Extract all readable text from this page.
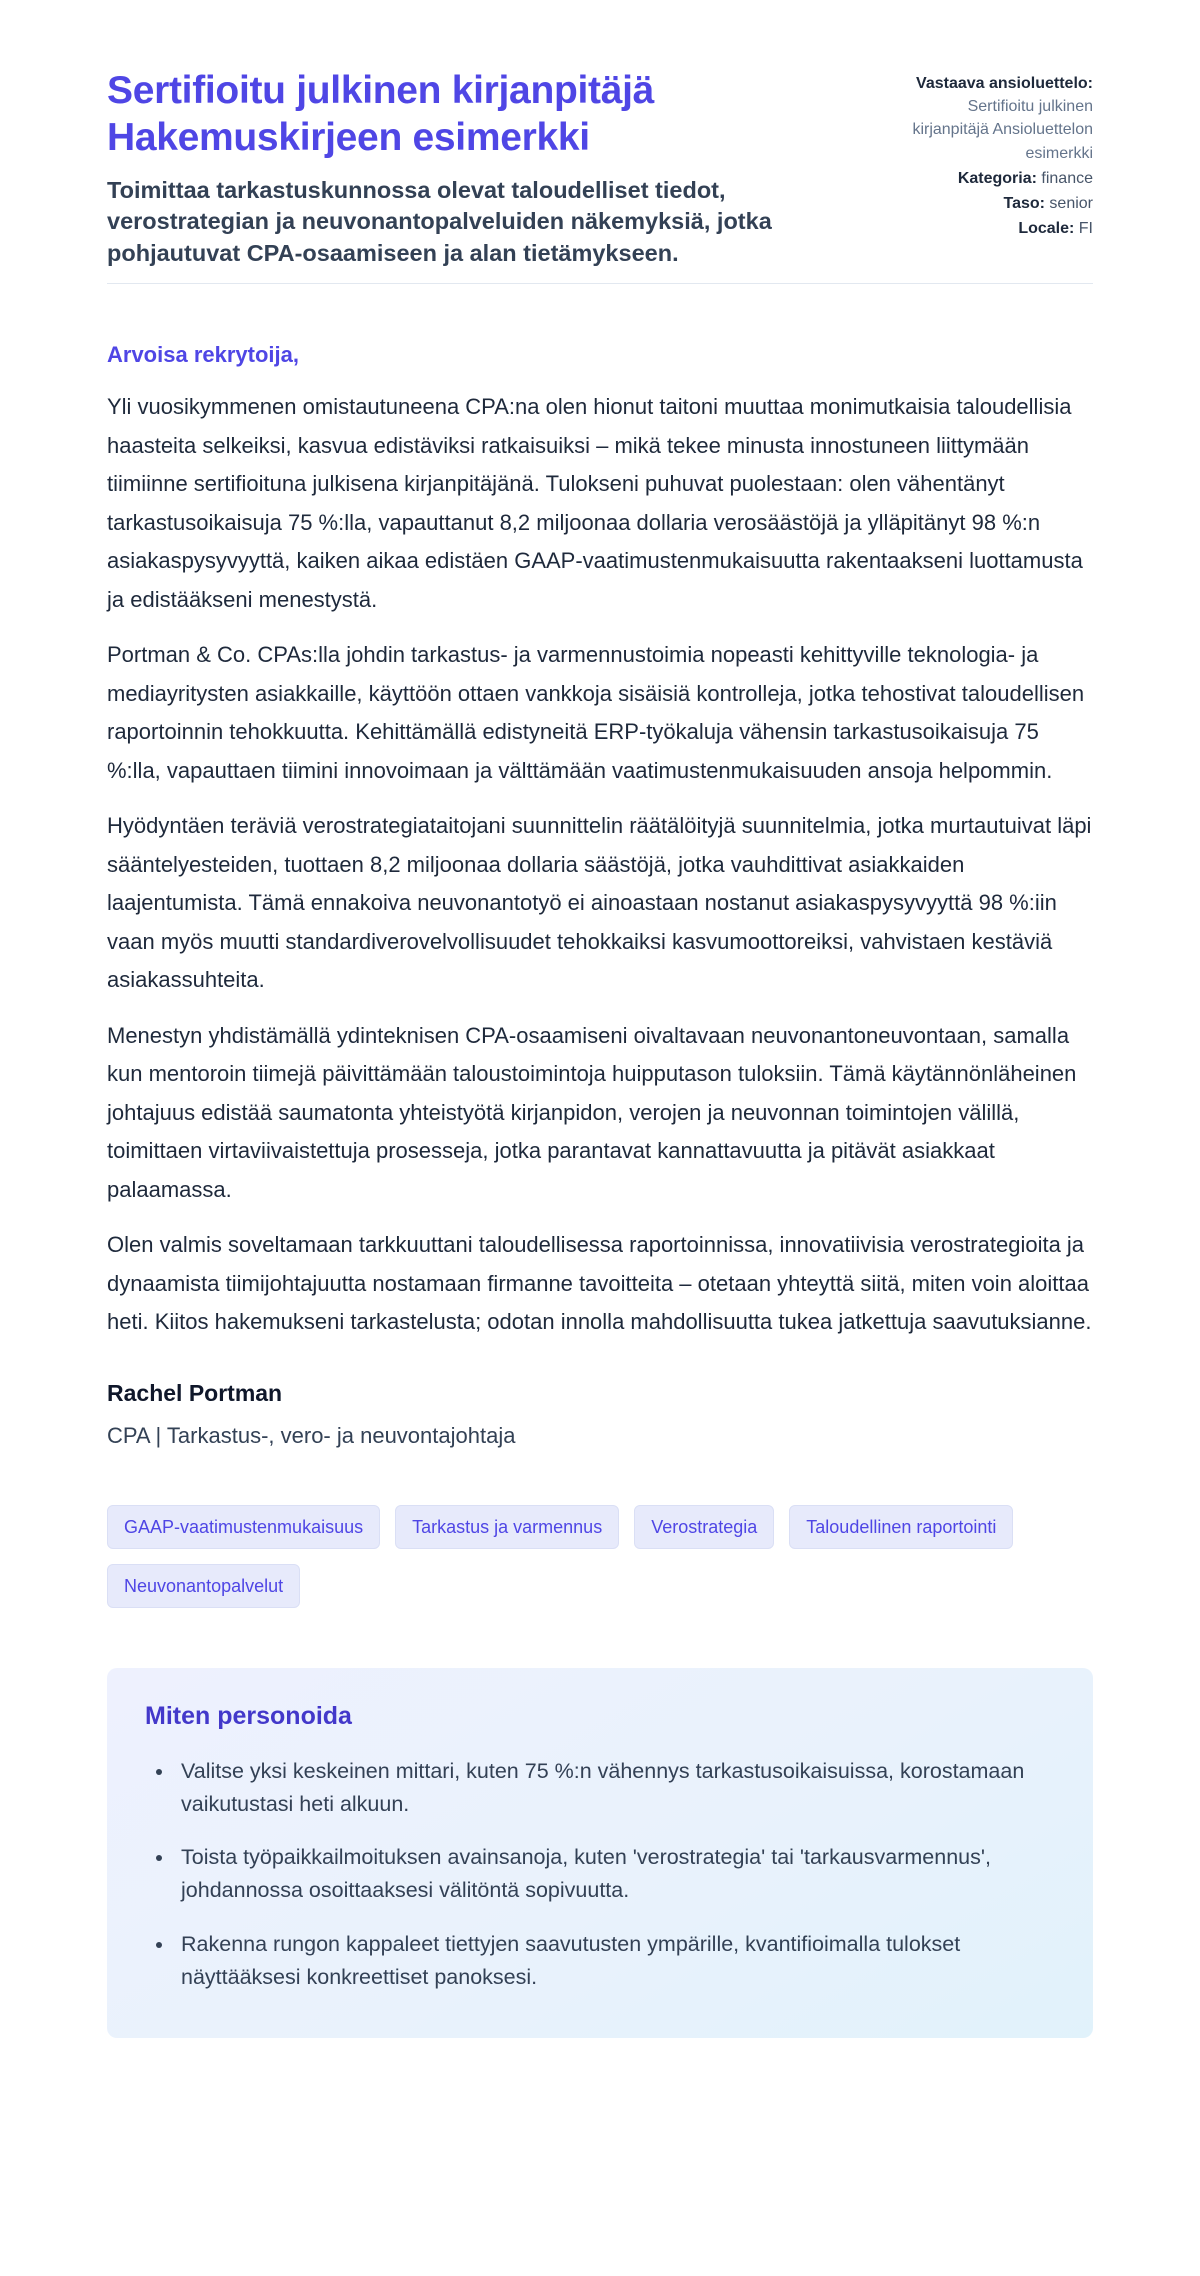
Sertifioitu julkinen kirjanpitäjä Hakemuskirjeen esimerkki
Toimittaa tarkastuskunnossa olevat taloudelliset tiedot, verostrategian ja neuvonantopalveluiden näkemyksiä, jotka pohjautuvat CPA-osaamiseen ja alan tietämykseen.
Vastaava ansioluettelo:
Sertifioitu julkinen kirjanpitäjä Ansioluettelon esimerkki
Kategoria: finance
Taso: senior
Locale: FI
Arvoisa rekrytoija,

Yli vuosikymmenen omistautuneena CPA:na olen hionut taitoni muuttaa monimutkaisia taloudellisia haasteita selkeiksi, kasvua edistäviksi ratkaisuiksi – mikä tekee minusta innostuneen liittymään tiimiinne sertifioituna julkisena kirjanpitäjänä. Tulokseni puhuvat puolestaan: olen vähentänyt tarkastusoikaisuja 75 %:lla, vapauttanut 8,2 miljoonaa dollaria verosäästöjä ja ylläpitänyt 98 %:n asiakaspysyvyyttä, kaiken aikaa edistäen GAAP-vaatimustenmukaisuutta rakentaakseni luottamusta ja edistääkseni menestystä.

Portman & Co. CPAs:lla johdin tarkastus- ja varmennustoimia nopeasti kehittyville teknologia- ja mediayritysten asiakkaille, käyttöön ottaen vankkoja sisäisiä kontrolleja, jotka tehostivat taloudellisen raportoinnin tehokkuutta. Kehittämällä edistyneitä ERP-työkaluja vähensin tarkastusoikaisuja 75 %:lla, vapauttaen tiimini innovoimaan ja välttämään vaatimustenmukaisuuden ansoja helpommin.

Hyödyntäen teräviä verostrategiataitojani suunnittelin räätälöityjä suunnitelmia, jotka murtautuivat läpi sääntelyesteiden, tuottaen 8,2 miljoonaa dollaria säästöjä, jotka vauhdittivat asiakkaiden laajentumista. Tämä ennakoiva neuvonantotyö ei ainoastaan nostanut asiakaspysyvyyttä 98 %:iin vaan myös muutti standardiverovelvollisuudet tehokkaiksi kasvumoottoreiksi, vahvistaen kestäviä asiakassuhteita.

Menestyn yhdistämällä ydinteknisen CPA-osaamiseni oivaltavaan neuvonantoneuvontaan, samalla kun mentoroin tiimejä päivittämään taloustoimintoja huipputason tuloksiin. Tämä käytännönläheinen johtajuus edistää saumatonta yhteistyötä kirjanpidon, verojen ja neuvonnan toimintojen välillä, toimittaen virtaviivaistettuja prosesseja, jotka parantavat kannattavuutta ja pitävät asiakkaat palaamassa.

Olen valmis soveltamaan tarkkuuttani taloudellisessa raportoinnissa, innovatiivisia verostrategioita ja dynaamista tiimijohtajuutta nostamaan firmanne tavoitteita – otetaan yhteyttä siitä, miten voin aloittaa heti. Kiitos hakemukseni tarkastelusta; odotan innolla mahdollisuutta tukea jatkettuja saavutuksianne.

Rachel Portman
CPA | Tarkastus-, vero- ja neuvontajohtaja
GAAP-vaatimustenmukaisuus	Tarkastus ja varmennus	Verostrategia	Taloudellinen raportointi
Neuvonantopalvelut
Miten personoida
• Valitse yksi keskeinen mittari, kuten 75 %:n vähennys tarkastusoikaisuissa, korostamaan vaikutustasi heti alkuun.
• Toista työpaikkailmoituksen avainsanoja, kuten 'verostrategia' tai 'tarkausvarmennus', johdannossa osoittaaksesi välitöntä sopivuutta.
• Rakenna rungon kappaleet tiettyjen saavutusten ympärille, kvantifioimalla tulokset näyttääksesi konkreettiset panoksesi.
